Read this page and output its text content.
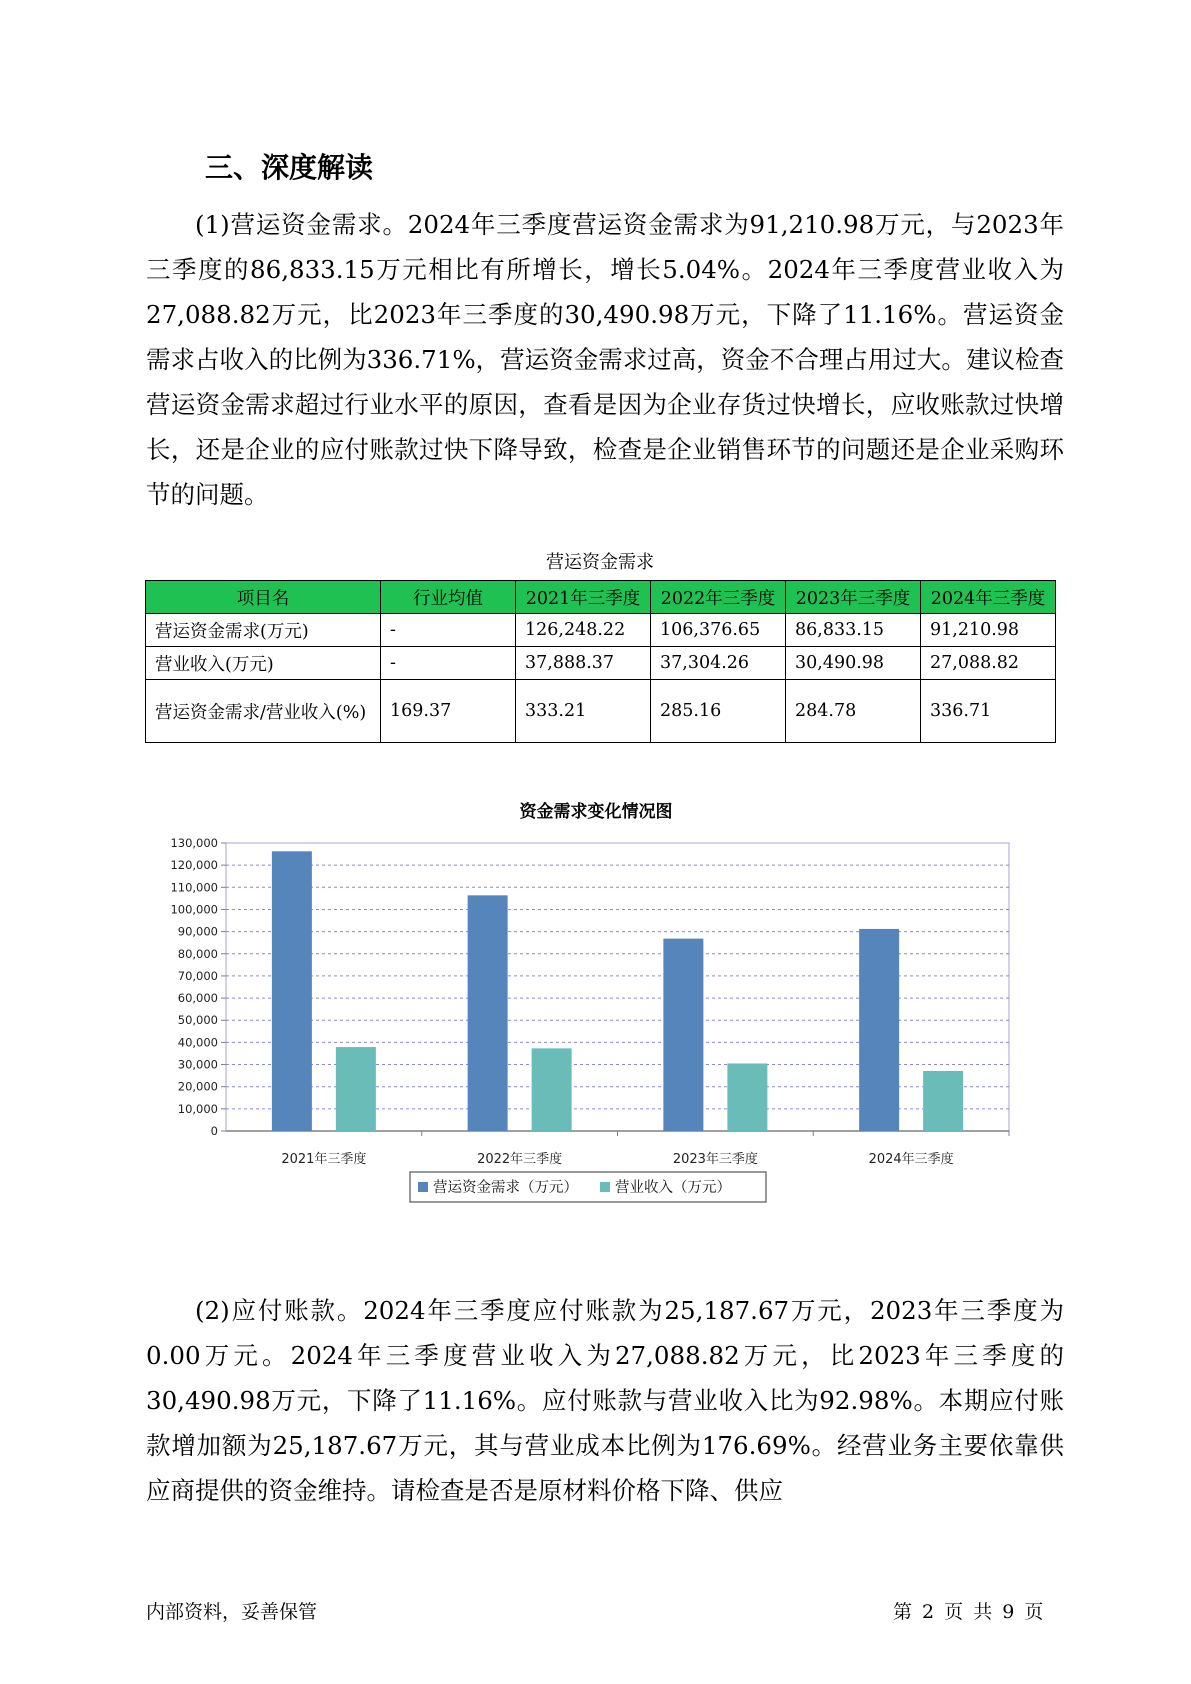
三、深度解读

(1)营运资金需求。2024年三季度营运资金需求为91,210.98万元，与2023年三季度的86,833.15万元相比有所增长，增长5.04%。2024年三季度营业收入为27,088.82万元，比2023年三季度的30,490.98万元，下降了11.16%。营运资金需求占收入的比例为336.71%，营运资金需求过高，资金不合理占用过大。建议检查营运资金需求超过行业水平的原因，查看是因为企业存货过快增长，应收账款过快增长，还是企业的应付账款过快下降导致，检查是企业销售环节的问题还是企业采购环节的问题。

营运资金需求
项目名	行业均值	2021年三季度	2022年三季度	2023年三季度	2024年三季度
营运资金需求(万元)	-	126,248.22	106,376.65	86,833.15	91,210.98
营业收入(万元)	-	37,888.37	37,304.26	30,490.98	27,088.82
营运资金需求/营业收入(%)	169.37	333.21	285.16	284.78	336.71
资金需求变化情况图
0
10,000
20,000
30,000
40,000
50,000
60,000
70,000
80,000
90,000
100,000
110,000
120,000
130,000
2021年三季度	2022年三季度	2023年三季度	2024年三季度
营运资金需求（万元）	营业收入（万元）

(2)应付账款。2024年三季度应付账款为25,187.67万元，2023年三季度为0.00万元。2024年三季度营业收入为27,088.82万元，比2023年三季度的30,490.98万元，下降了11.16%。应付账款与营业收入比为92.98%。本期应付账款增加额为25,187.67万元，其与营业成本比例为176.69%。经营业务主要依靠供应商提供的资金维持。请检查是否是原材料价格下降、供应

内部资料，妥善保管	第 2 页 共 9 页
